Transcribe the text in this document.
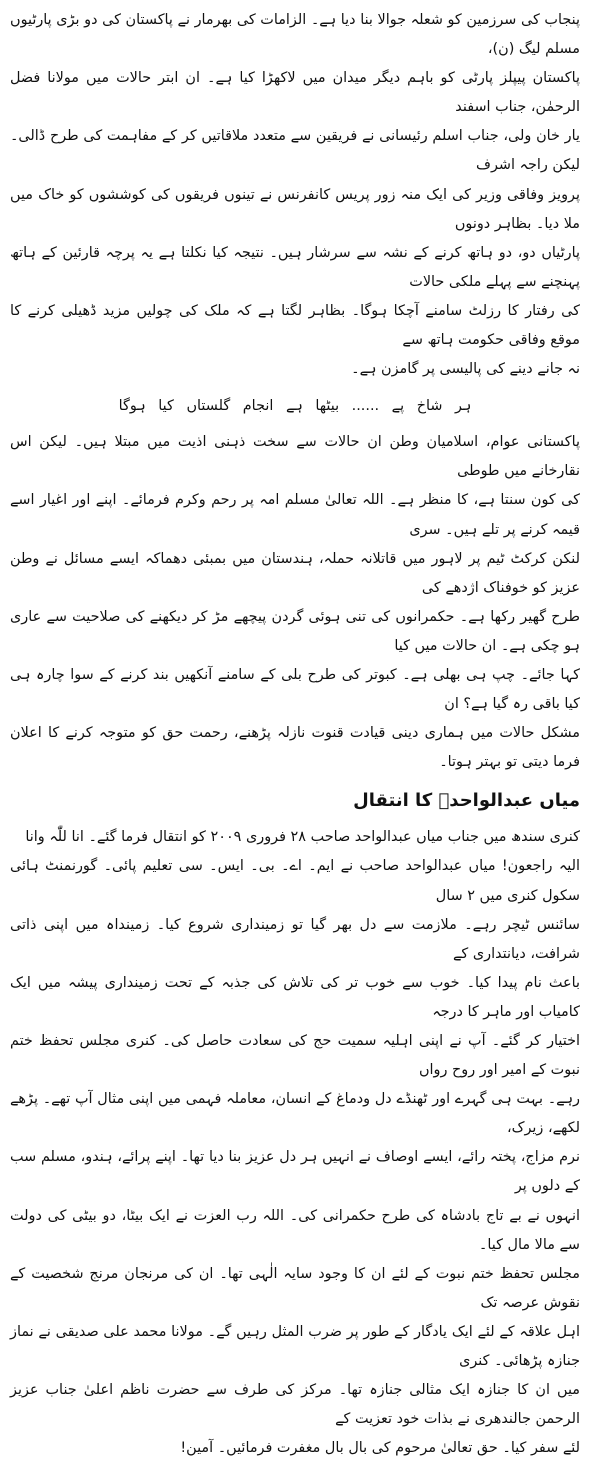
پنجاب کی سرزمین کو شعلہ جوالا بنا دیا ہے۔ الزامات کی بھرمار نے پاکستان کی دو بڑی پارٹیوں مسلم لیگ (ن)،
پاکستان پیپلز پارٹی کو باہم دیگر میدان میں لاکھڑا کیا ہے۔ ان ابتر حالات میں مولانا فضل الرحمٰن، جناب اسفند
یار خان ولی، جناب اسلم رئیسانی نے فریقین سے متعدد ملاقاتیں کر کے مفاہمت کی طرح ڈالی۔ لیکن راجہ اشرف
پرویز وفاقی وزیر کی ایک منہ زور پریس کانفرنس نے تینوں فریقوں کی کوششوں کو خاک میں ملا دیا۔ بظاہر دونوں
پارٹیاں دو، دو ہاتھ کرنے کے نشہ سے سرشار ہیں۔ نتیجہ کیا نکلتا ہے یہ پرچہ قارئین کے ہاتھ پہنچنے سے پہلے ملکی حالات
کی رفتار کا رزلٹ سامنے آچکا ہوگا۔ بظاہر لگتا ہے کہ ملک کی چولیں مزید ڈھیلی کرنے کا موقع وفاقی حکومت ہاتھ سے
نہ جانے دینے کی پالیسی پر گامزن ہے۔

ہر شاخ پے ...... بیٹھا ہے انجام گلستاں کیا ہوگا

پاکستانی عوام، اسلامیان وطن ان حالات سے سخت ذہنی اذیت میں مبتلا ہیں۔ لیکن اس نقارخانے میں طوطی
کی کون سنتا ہے، کا منظر ہے۔ اللہ تعالیٰ مسلم امہ پر رحم وکرم فرمائے۔ اپنے اور اغیار اسے قیمہ کرنے پر تلے ہیں۔ سری
لنکن کرکٹ ٹیم پر لاہور میں قاتلانہ حملہ، ہندستان میں بمبئی دھماکہ ایسے مسائل نے وطن عزیز کو خوفناک اژدھے کی
طرح گھیر رکھا ہے۔ حکمرانوں کی تنی ہوئی گردن پیچھے مڑ کر دیکھنے کی صلاحیت سے عاری ہو چکی ہے۔ ان حالات میں کیا
کہا جائے۔ چپ ہی بھلی ہے۔ کبوتر کی طرح بلی کے سامنے آنکھیں بند کرنے کے سوا چارہ ہی کیا باقی رہ گیا ہے؟ ان
مشکل حالات میں ہماری دینی قیادت قنوت نازلہ پڑھنے، رحمت حق کو متوجہ کرنے کا اعلان فرما دیتی تو بہتر ہوتا۔

میاں عبدالواحدؒ کا انتقال

کنری سندھ میں جناب میاں عبدالواحد صاحب ۲۸ فروری ۲۰۰۹ کو انتقال فرما گئے۔ انا للّٰہ وانا
الیہ راجعون! میاں عبدالواحد صاحب نے ایم۔ اے۔ بی۔ ایس۔ سی تعلیم پائی۔ گورنمنٹ ہائی سکول کنری میں ۲ سال
سائنس ٹیچر رہے۔ ملازمت سے دل بھر گیا تو زمینداری شروع کیا۔ زمینداہ میں اپنی ذاتی شرافت، دیانتداری کے
باعث نام پیدا کیا۔ خوب سے خوب تر کی تلاش کی جذبہ کے تحت زمینداری پیشہ میں ایک کامیاب اور ماہر کا درجہ
اختیار کر گئے۔ آپ نے اپنی اہلیہ سمیت حج کی سعادت حاصل کی۔ کنری مجلس تحفظ ختم نبوت کے امیر اور روح رواں
رہے۔ بہت ہی گہرے اور ٹھنڈے دل ودماغ کے انسان، معاملہ فہمی میں اپنی مثال آپ تھے۔ پڑھے لکھے، زیرک،
نرم مزاج، پختہ رائے، ایسے اوصاف نے انہیں ہر دل عزیز بنا دیا تھا۔ اپنے پرائے، ہندو، مسلم سب کے دلوں پر
انہوں نے بے تاج بادشاہ کی طرح حکمرانی کی۔ اللہ رب العزت نے ایک بیٹا، دو بیٹی کی دولت سے مالا مال کیا۔
مجلس تحفظ ختم نبوت کے لئے ان کا وجود سایہ الٰہی تھا۔ ان کی مرنجان مرنج شخصیت کے نقوش عرصہ تک
اہل علاقہ کے لئے ایک یادگار کے طور پر ضرب المثل رہیں گے۔ مولانا محمد علی صدیقی نے نماز جنازہ پڑھائی۔ کنری
میں ان کا جنازہ ایک مثالی جنازہ تھا۔ مرکز کی طرف سے حضرت ناظم اعلیٰ جناب عزیز الرحمن جالندھری نے بذات خود تعزیت کے
لئے سفر کیا۔ حق تعالیٰ مرحوم کی بال بال مغفرت فرمائیں۔ آمین!
